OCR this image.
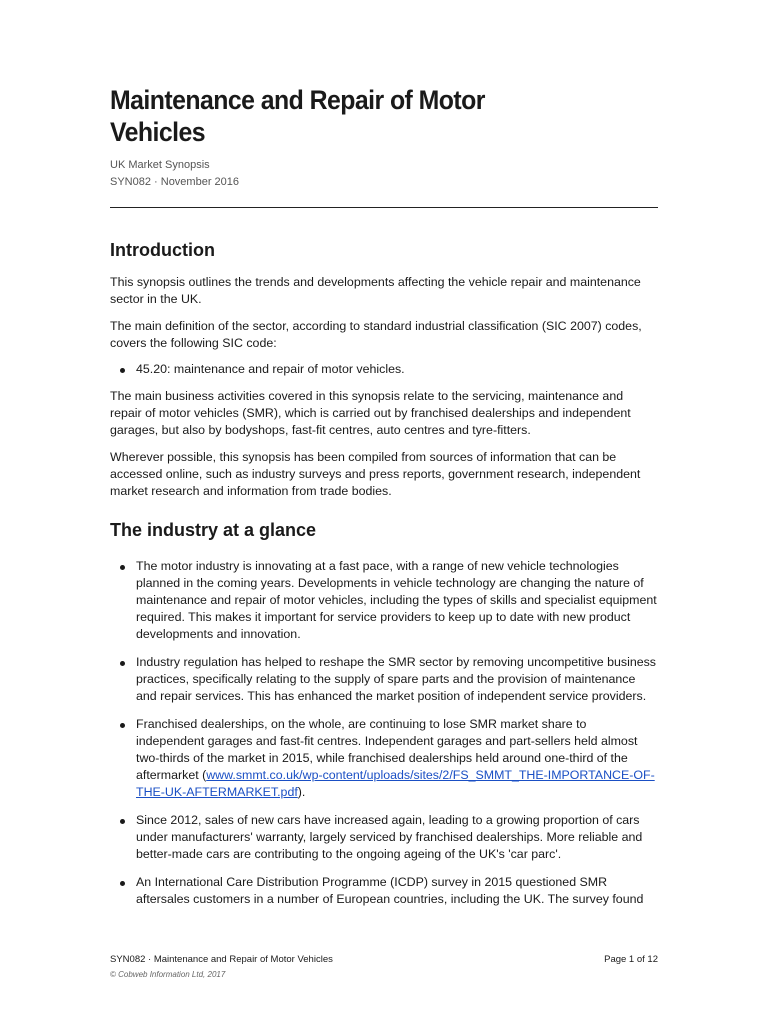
Maintenance and Repair of Motor
Vehicles
UK Market Synopsis
SYN082 · November 2016
Introduction

This synopsis outlines the trends and developments affecting the vehicle repair and maintenance sector in the UK.

The main definition of the sector, according to standard industrial classification (SIC 2007) codes, covers the following SIC code:

45.20: maintenance and repair of motor vehicles.

The main business activities covered in this synopsis relate to the servicing, maintenance and repair of motor vehicles (SMR), which is carried out by franchised dealerships and independent garages, but also by bodyshops, fast-fit centres, auto centres and tyre-fitters.

Wherever possible, this synopsis has been compiled from sources of information that can be accessed online, such as industry surveys and press reports, government research, independent market research and information from trade bodies.

The industry at a glance
The motor industry is innovating at a fast pace, with a range of new vehicle technologies planned in the coming years. Developments in vehicle technology are changing the nature of maintenance and repair of motor vehicles, including the types of skills and specialist equipment required. This makes it important for service providers to keep up to date with new product developments and innovation.
Industry regulation has helped to reshape the SMR sector by removing uncompetitive business practices, specifically relating to the supply of spare parts and the provision of maintenance and repair services. This has enhanced the market position of independent service providers.
Franchised dealerships, on the whole, are continuing to lose SMR market share to independent garages and fast-fit centres. Independent garages and part-sellers held almost two-thirds of the market in 2015, while franchised dealerships held around one-third of the aftermarket (www.smmt.co.uk/wp-content/uploads/sites/2/FS_SMMT_THE-IMPORTANCE-OF-THE-UK-AFTERMARKET.pdf).
Since 2012, sales of new cars have increased again, leading to a growing proportion of cars under manufacturers' warranty, largely serviced by franchised dealerships. More reliable and better-made cars are contributing to the ongoing ageing of the UK's 'car parc'.
An International Care Distribution Programme (ICDP) survey in 2015 questioned SMR aftersales customers in a number of European countries, including the UK. The survey found
SYN082 · Maintenance and Repair of Motor Vehicles	Page 1 of 12
© Cobweb Information Ltd, 2017
